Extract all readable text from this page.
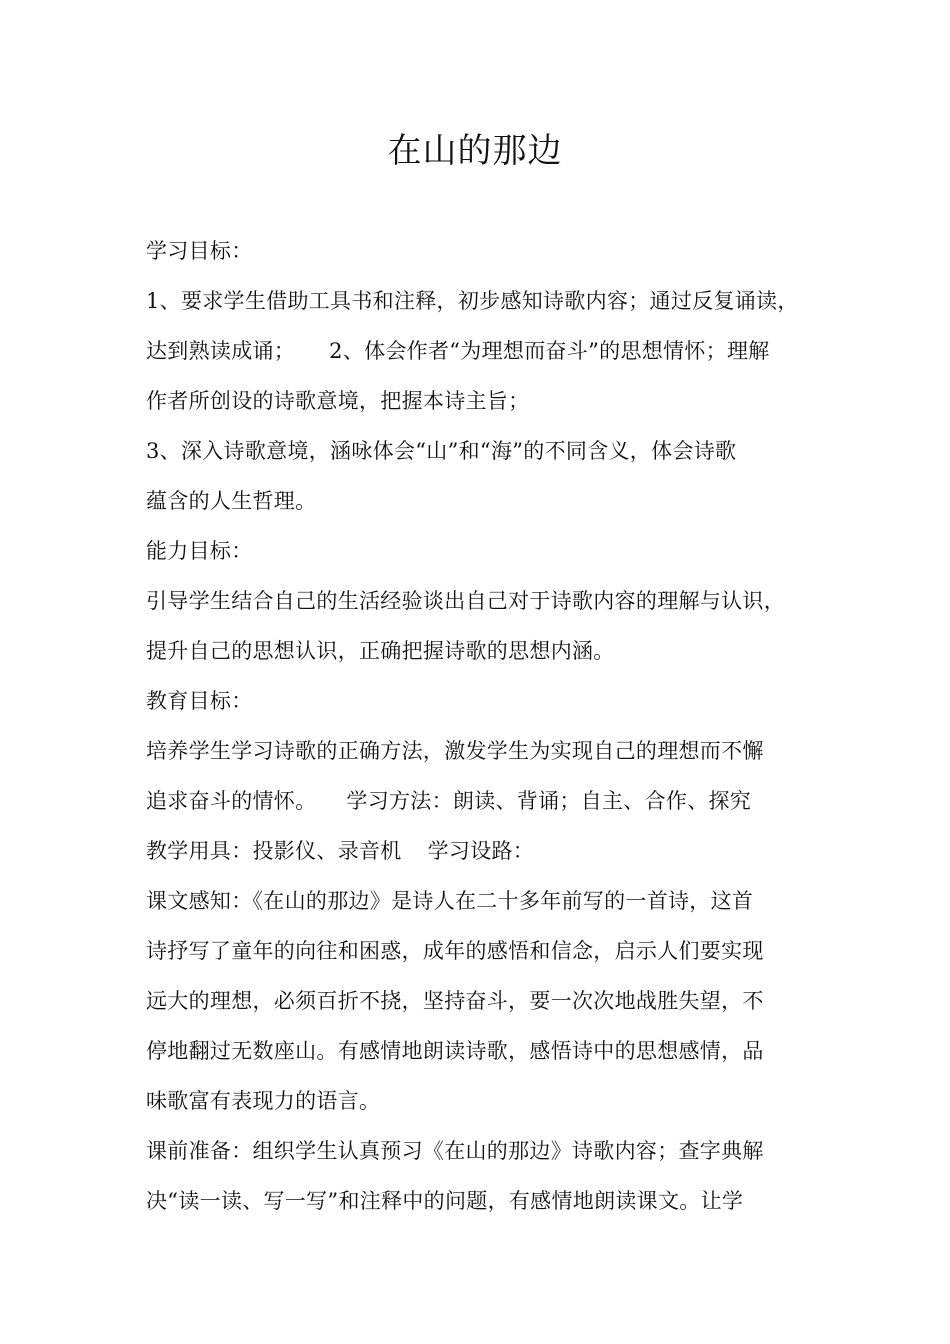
在山的那边
学习目标：
1、要求学生借助工具书和注释，初步感知诗歌内容；通过反复诵读，
达到熟读成诵； 2、体会作者“为理想而奋斗”的思想情怀；理解
作者所创设的诗歌意境，把握本诗主旨；
3、深入诗歌意境，涵咏体会“山”和“海”的不同含义，体会诗歌
蕴含的人生哲理。
能力目标：
引导学生结合自己的生活经验谈出自己对于诗歌内容的理解与认识，
提升自己的思想认识，正确把握诗歌的思想内涵。
教育目标：
培养学生学习诗歌的正确方法，激发学生为实现自己的理想而不懈
追求奋斗的情怀。 学习方法：朗读、背诵；自主、合作、探究
教学用具：投影仪、录音机 学习设路：
课文感知：《在山的那边》是诗人在二十多年前写的一首诗，这首
诗抒写了童年的向往和困惑，成年的感悟和信念，启示人们要实现
远大的理想，必须百折不挠，坚持奋斗，要一次次地战胜失望，不
停地翻过无数座山。有感情地朗读诗歌，感悟诗中的思想感情，品
味歌富有表现力的语言。
课前准备：组织学生认真预习《在山的那边》诗歌内容；查字典解
决“读一读、写一写”和注释中的问题，有感情地朗读课文。让学
